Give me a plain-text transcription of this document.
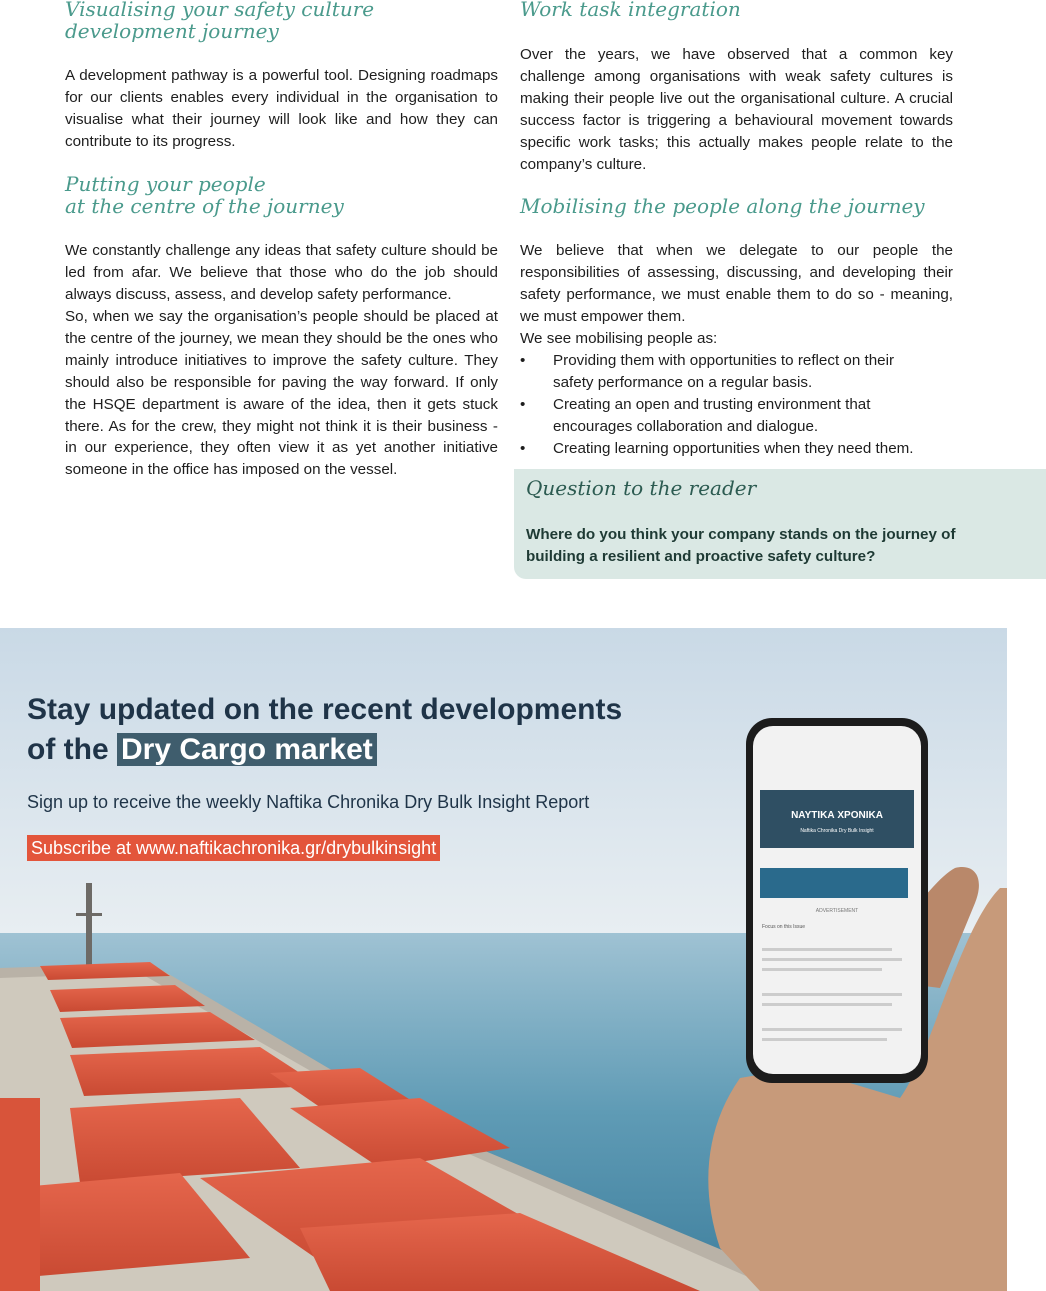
Visualising your safety culture
development journey

A development pathway is a powerful tool. Designing roadmaps for our clients enables every individual in the organisation to visualise what their journey will look like and how they can contribute to its progress.

Putting your people
at the centre of the journey

We constantly challenge any ideas that safety culture should be led from afar. We believe that those who do the job should always discuss, assess, and develop safety performance.

So, when we say the organisation’s people should be placed at the centre of the journey, we mean they should be the ones who mainly introduce initiatives to improve the safety culture. They should also be responsible for paving the way forward. If only the HSQE department is aware of the idea, then it gets stuck there. As for the crew, they might not think it is their business - in our experience, they often view it as yet another initiative someone in the office has imposed on the vessel.

Work task integration

Over the years, we have observed that a common key challenge among organisations with weak safety cultures is making their people live out the organisational culture. A crucial success factor is triggering a behavioural movement towards specific work tasks; this actually makes people relate to the company’s culture.

Mobilising the people along the journey

We believe that when we delegate to our people the responsibilities of assessing, discussing, and developing their safety performance, we must enable them to do so - meaning, we must empower them.

We see mobilising people as:

• Providing them with opportunities to reflect on their safety performance on a regular basis.
• Creating an open and trusting environment that encourages collaboration and dialogue.
• Creating learning opportunities when they need them.
Question to the reader
Where do you think your company stands on the journey of building a resilient and proactive safety culture?
ΝΑΥΤΙΚΑ ΧΡΟΝΙΚΑ
Naftika Chronika Dry Bulk Insight
ADVERTISEMENT
Focus on this Issue
Stay updated on the recent developments
of the Dry Cargo market
Sign up to receive the weekly Naftika Chronika Dry Bulk Insight Report
Subscribe at www.naftikachronika.gr/drybulkinsight
